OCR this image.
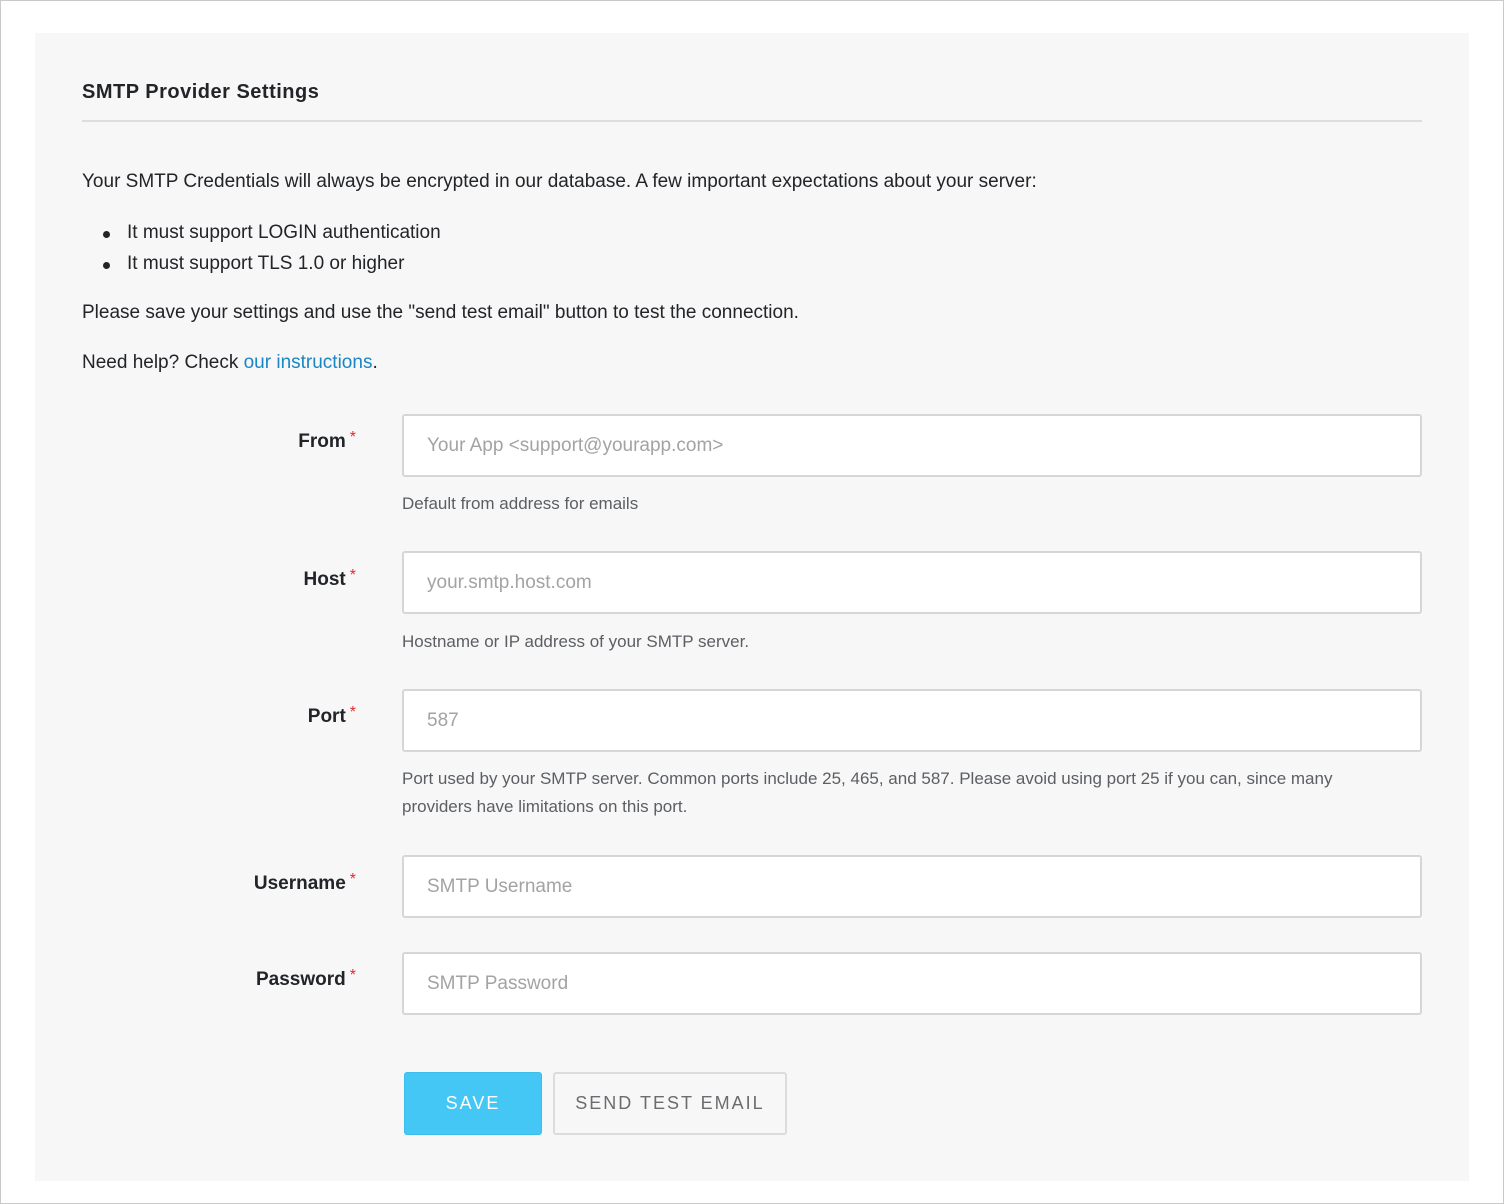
SMTP Provider Settings

Your SMTP Credentials will always be encrypted in our database. A few important expectations about your server:

It must support LOGIN authentication
It must support TLS 1.0 or higher

Please save your settings and use the "send test email" button to test the connection.

Need help? Check our instructions.

From *
Your App <support@yourapp.com>

Default from address for emails

Host *
your.smtp.host.com

Hostname or IP address of your SMTP server.

Port *
587

Port used by your SMTP server. Common ports include 25, 465, and 587. Please avoid using port 25 if you can, since many providers have limitations on this port.

Username *
SMTP Username
Password *
SAVE	SEND TEST EMAIL
